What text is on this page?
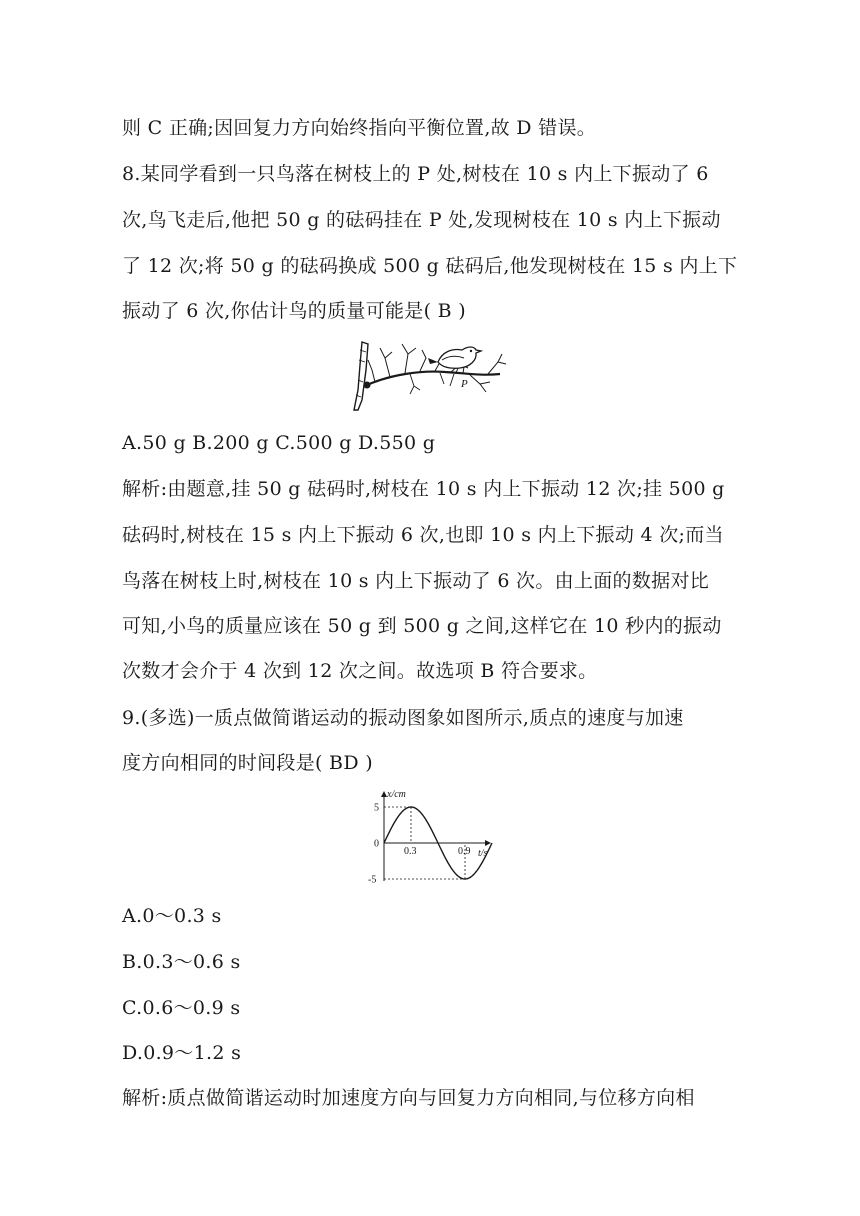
则 C 正确;因回复力方向始终指向平衡位置,故 D 错误。
8.某同学看到一只鸟落在树枝上的 P 处,树枝在 10 s 内上下振动了 6
次,鸟飞走后,他把 50 g 的砝码挂在 P 处,发现树枝在 10 s 内上下振动
了 12 次;将 50 g 的砝码换成 500 g 砝码后,他发现树枝在 15 s 内上下
振动了 6 次,你估计鸟的质量可能是( B )
P
A.50 g B.200 g C.500 g D.550 g
解析:由题意,挂 50 g 砝码时,树枝在 10 s 内上下振动 12 次;挂 500 g
砝码时,树枝在 15 s 内上下振动 6 次,也即 10 s 内上下振动 4 次;而当
鸟落在树枝上时,树枝在 10 s 内上下振动了 6 次。由上面的数据对比
可知,小鸟的质量应该在 50 g 到 500 g 之间,这样它在 10 秒内的振动
次数才会介于 4 次到 12 次之间。故选项 B 符合要求。
9.(多选)一质点做简谐运动的振动图象如图所示,质点的速度与加速
度方向相同的时间段是( BD )
x/cm
t/s
0.3	0.9
5
0
-5
A.0～0.3 s
B.0.3～0.6 s
C.0.6～0.9 s
D.0.9～1.2 s
解析:质点做简谐运动时加速度方向与回复力方向相同,与位移方向相
